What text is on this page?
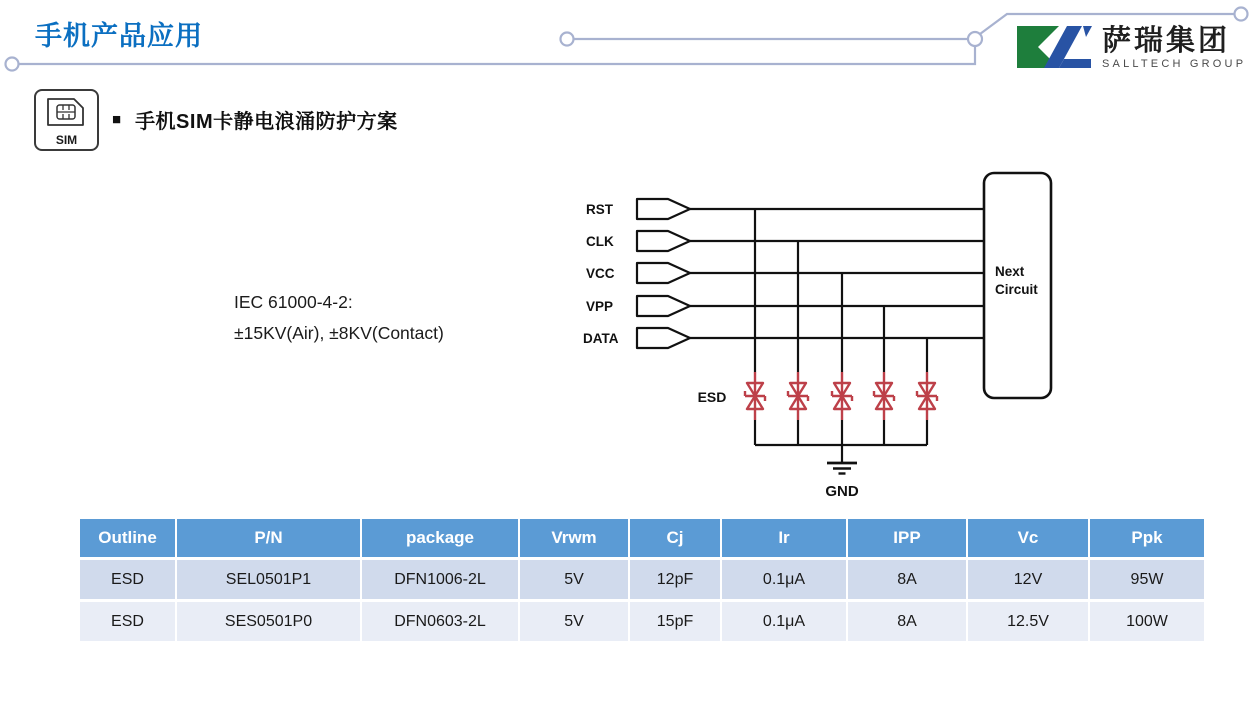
手机产品应用	萨瑞集团
SALLTECH GROUP
SIM
■ 手机SIM卡静电浪涌防护方案
IEC 61000-4-2:
±15KV(Air), ±8KV(Contact)
RST
CLK
VCC
VPP
DATA
ESD
GND
Next
Circuit
Outline	P/N	package	Vrwm	Cj	Ir	IPP	Vc	Ppk
ESD	SEL0501P1	DFN1006-2L	5V	12pF	0.1μA	8A	12V	95W
ESD	SES0501P0	DFN0603-2L	5V	15pF	0.1μA	8A	12.5V	100W
